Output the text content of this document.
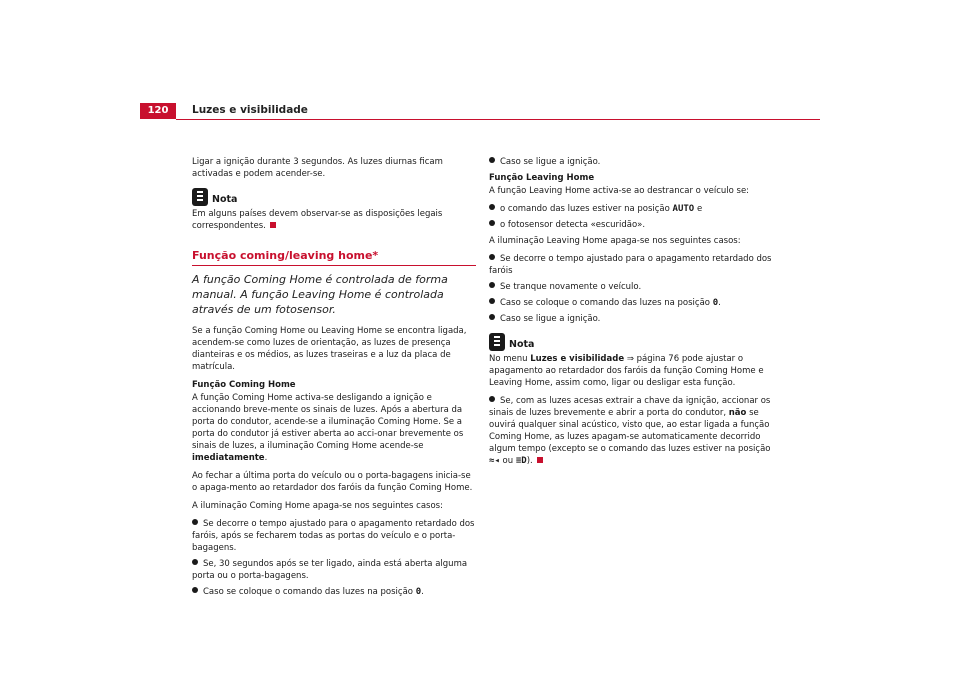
120	Luzes e visibilidade

Ligar a ignição durante 3 segundos. As luzes diurnas ficam activadas e podem acender-se.

Nota

Em alguns países devem observar-se as disposições legais correspondentes.

Função coming/leaving home*
A função Coming Home é controlada de forma manual. A função Leaving Home é controlada através de um fotosensor.

Se a função Coming Home ou Leaving Home se encontra ligada, acendem-se como luzes de orientação, as luzes de presença dianteiras e os médios, as luzes traseiras e a luz da placa de matrícula.

Função Coming Home

A função Coming Home activa-se desligando a ignição e accionando breve-mente os sinais de luzes. Após a abertura da porta do condutor, acende-se a iluminação Coming Home. Se a porta do condutor já estiver aberta ao acci-onar brevemente os sinais de luzes, a iluminação Coming Home acende-se imediatamente.

Ao fechar a última porta do veículo ou o porta-bagagens inicia-se o apaga-mento ao retardador dos faróis da função Coming Home.

A iluminação Coming Home apaga-se nos seguintes casos:

Se decorre o tempo ajustado para o apagamento retardado dos faróis, após se fecharem todas as portas do veículo e o porta-bagagens.
Se, 30 segundos após se ter ligado, ainda está aberta alguma porta ou o porta-bagagens.
Caso se coloque o comando das luzes na posição 0.
Caso se ligue a ignição.
Função Leaving Home

A função Leaving Home activa-se ao destrancar o veículo se:

o comando das luzes estiver na posição AUTO e
o fotosensor detecta «escuridão».

A iluminação Leaving Home apaga-se nos seguintes casos:

Se decorre o tempo ajustado para o apagamento retardado dos faróis
Se tranque novamente o veículo.
Caso se coloque o comando das luzes na posição 0.
Caso se ligue a ignição.
Nota

No menu Luzes e visibilidade ⇒ página 76 pode ajustar o apagamento ao retardador dos faróis da função Coming Home e Leaving Home, assim como, ligar ou desligar esta função.

Se, com as luzes acesas extrair a chave da ignição, accionar os sinais de luzes brevemente e abrir a porta do condutor, não se ouvirá qualquer sinal acústico, visto que, ao estar ligada a função Coming Home, as luzes apagam-se automaticamente decorrido algum tempo (excepto se o comando das luzes estiver na posição ≈◂ ou ≡D).
